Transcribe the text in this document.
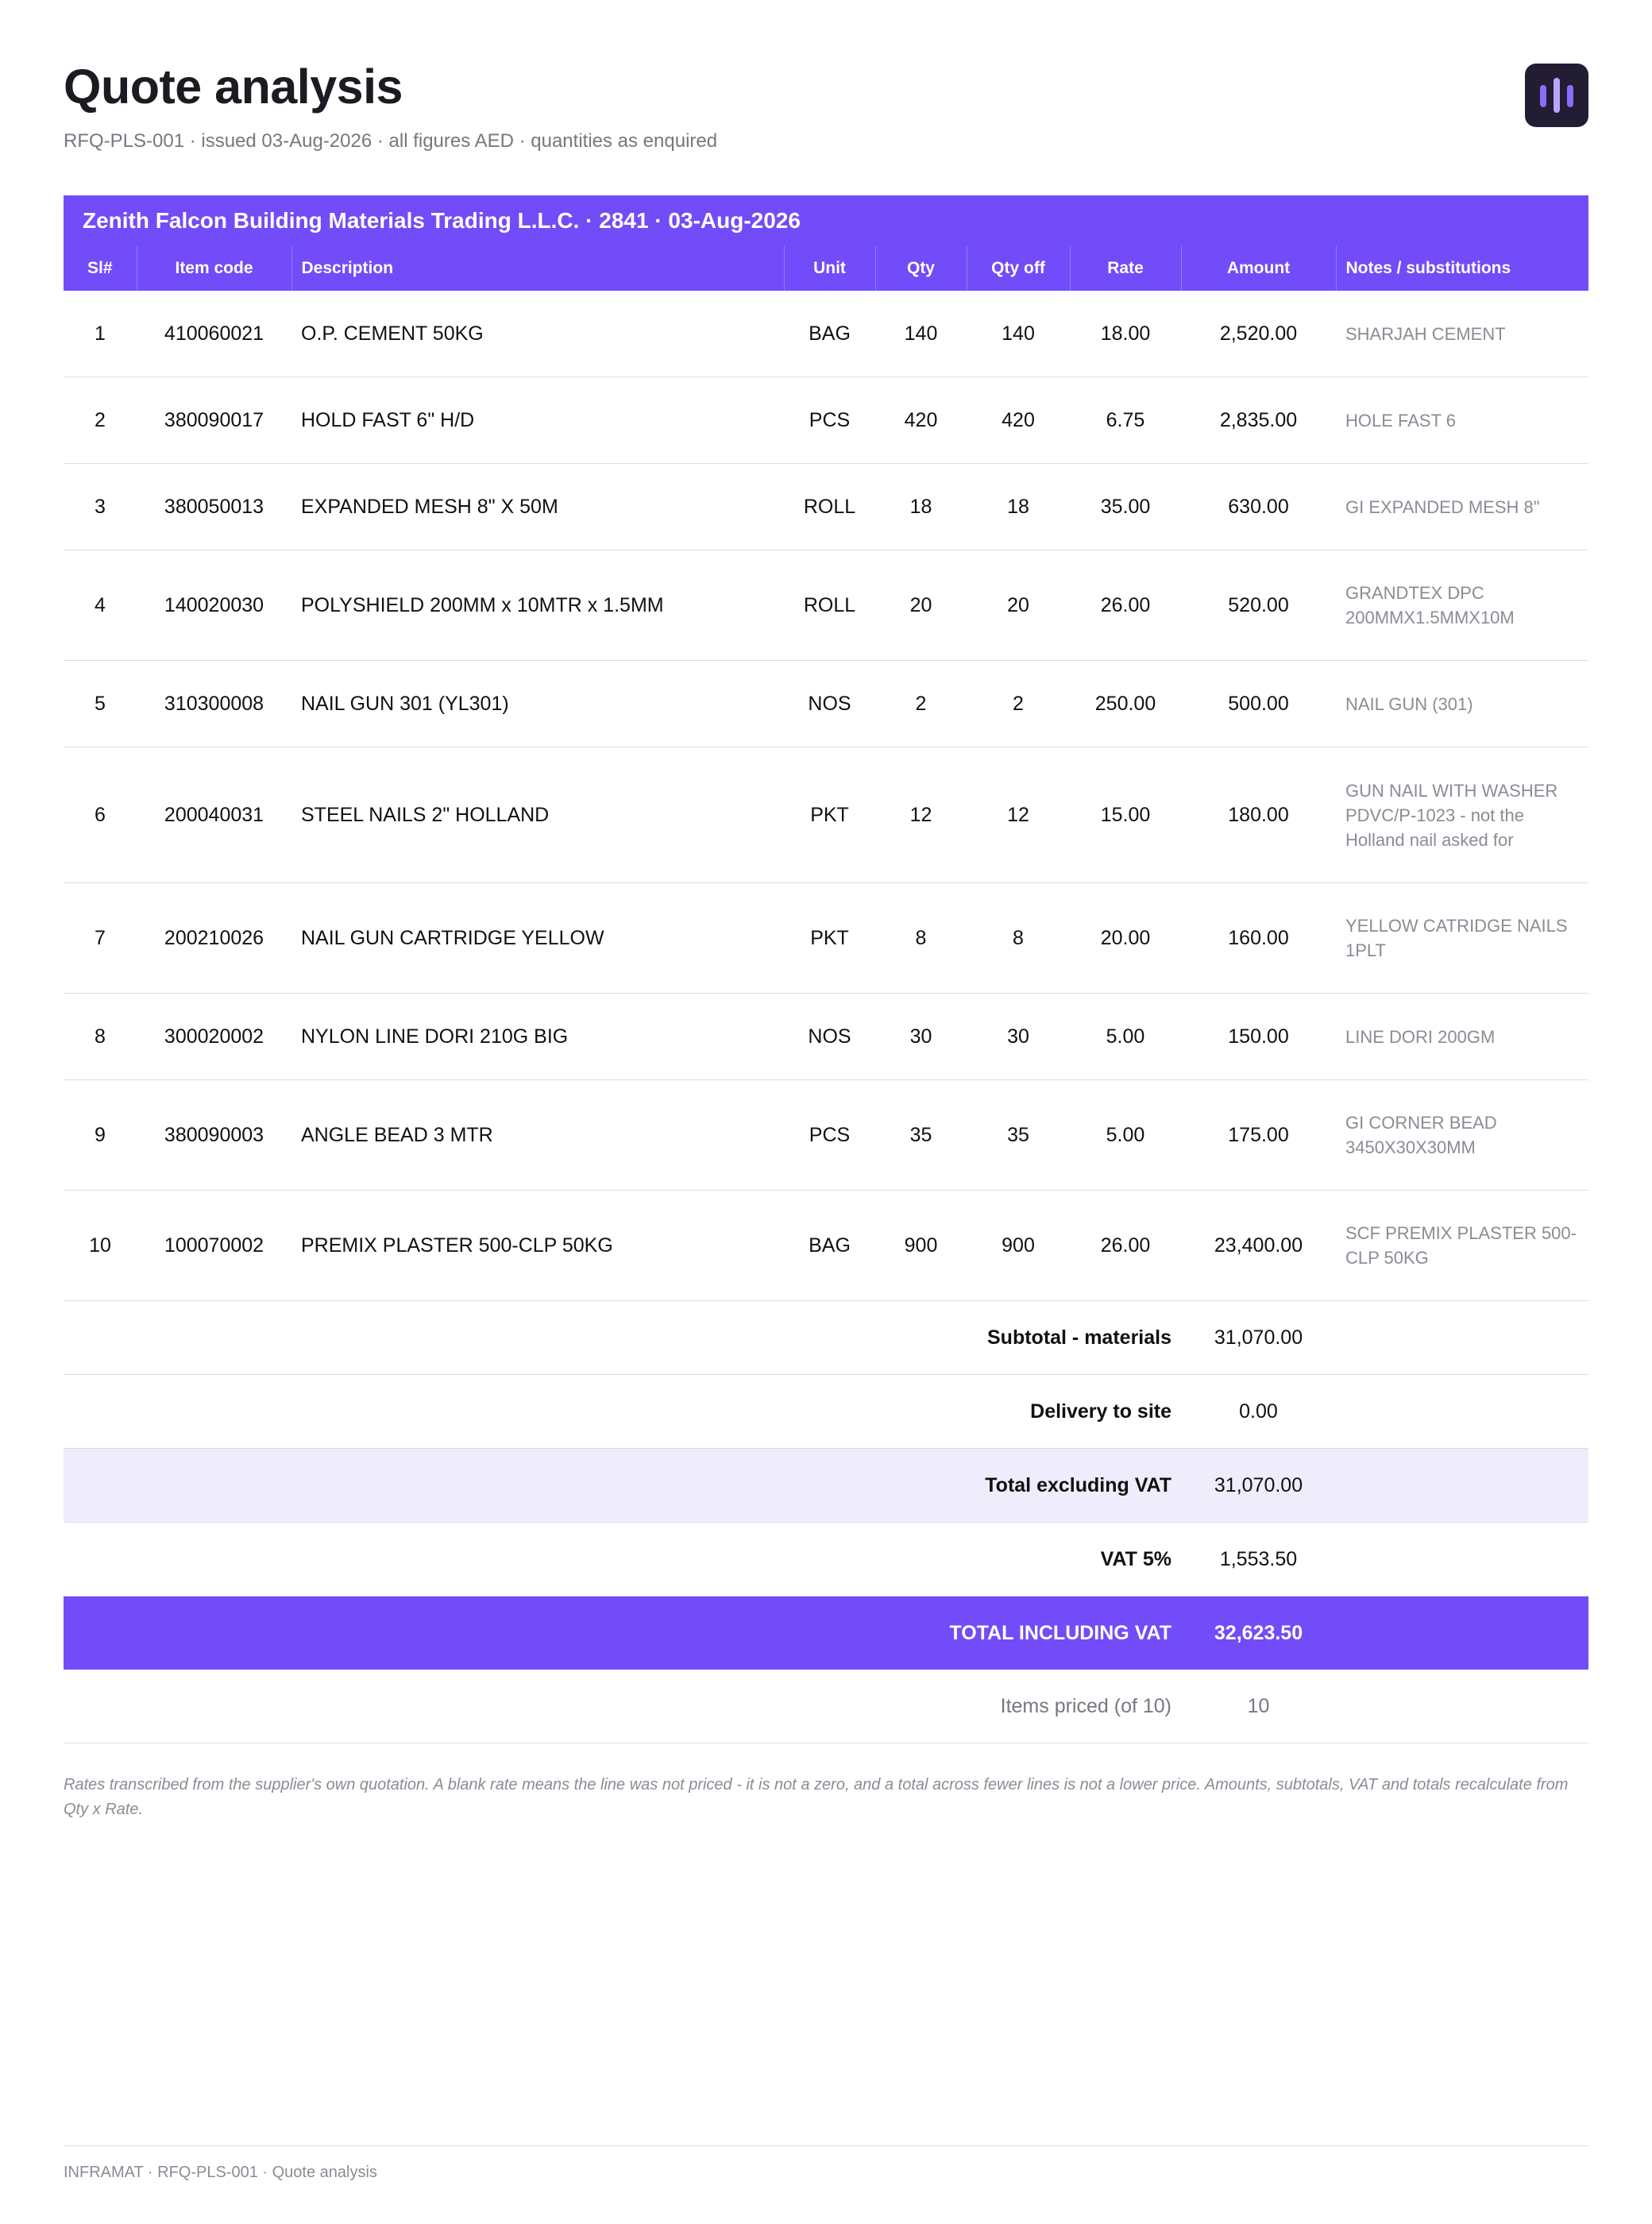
Quote analysis
RFQ-PLS-001 · issued 03-Aug-2026 · all figures AED · quantities as enquired
Zenith Falcon Building Materials Trading L.L.C. · 2841 · 03-Aug-2026								
Sl#	Item code	Description	Unit	Qty	Qty off	Rate	Amount	Notes / substitutions
1	410060021	O.P. CEMENT 50KG	BAG	140	140	18.00	2,520.00	SHARJAH CEMENT
2	380090017	HOLD FAST 6" H/D	PCS	420	420	6.75	2,835.00	HOLE FAST 6
3	380050013	EXPANDED MESH 8" X 50M	ROLL	18	18	35.00	630.00	GI EXPANDED MESH 8"
4	140020030	POLYSHIELD 200MM x 10MTR x 1.5MM	ROLL	20	20	26.00	520.00	GRANDTEX DPC 200MMX1.5MMX10M
5	310300008	NAIL GUN 301 (YL301)	NOS	2	2	250.00	500.00	NAIL GUN (301)
6	200040031	STEEL NAILS 2" HOLLAND	PKT	12	12	15.00	180.00	GUN NAIL WITH WASHER PDVC/P-1023 - not the Holland nail asked for
7	200210026	NAIL GUN CARTRIDGE YELLOW	PKT	8	8	20.00	160.00	YELLOW CATRIDGE NAILS 1PLT
8	300020002	NYLON LINE DORI 210G BIG	NOS	30	30	5.00	150.00	LINE DORI 200GM
9	380090003	ANGLE BEAD 3 MTR	PCS	35	35	5.00	175.00	GI CORNER BEAD 3450X30X30MM
10	100070002	PREMIX PLASTER 500-CLP 50KG	BAG	900	900	26.00	23,400.00	SCF PREMIX PLASTER 500-CLP 50KG
Subtotal - materials							31,070.00	
Delivery to site							0.00	
Total excluding VAT							31,070.00	
VAT 5%							1,553.50	
TOTAL INCLUDING VAT							32,623.50	
Items priced (of 10)							10	
Rates transcribed from the supplier's own quotation. A blank rate means the line was not priced - it is not a zero, and a total across fewer lines is not a lower price. Amounts, subtotals, VAT and totals recalculate from Qty x Rate.
INFRAMAT · RFQ-PLS-001 · Quote analysis
